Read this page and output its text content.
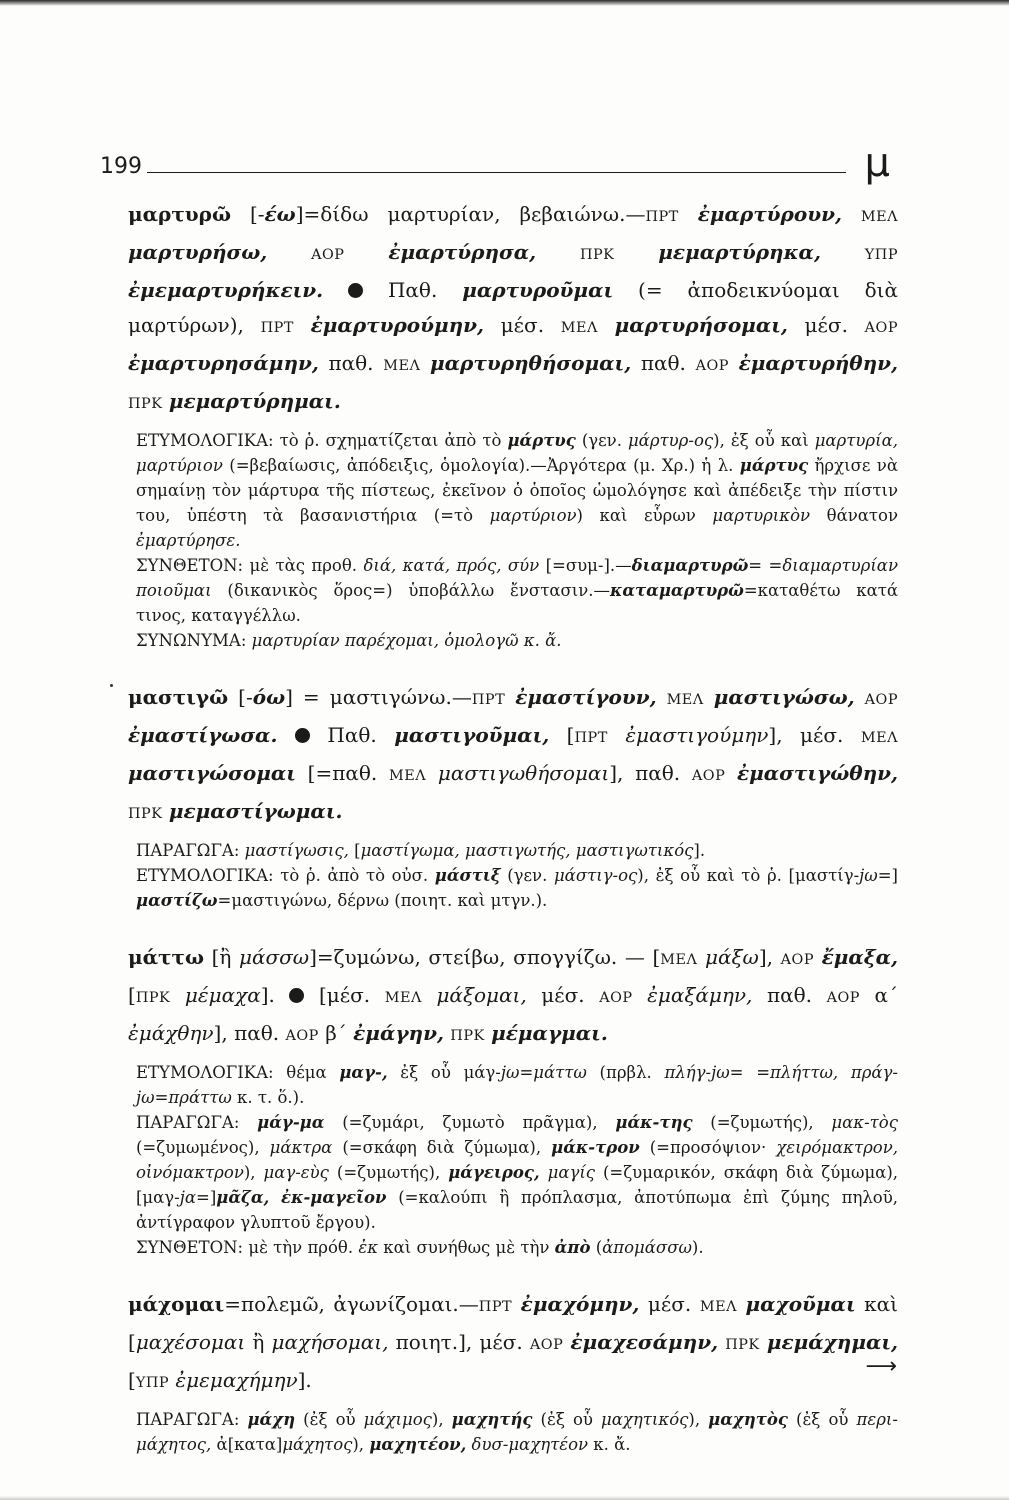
199	μ

μαρτυρῶ [-έω]=δίδω μαρτυρίαν, βεβαιώνω.—ΠΡΤ ἐμαρτύρουν, ΜΕΛ μαρτυρήσω,	ΑΟΡ ἐμαρτύρησα,	ΠΡΚ μεμαρτύρηκα,	ΥΠΡ ἐμεμαρτυρήκειν.  Παθ. μαρτυροῦμαι (= ἀποδεικνύομαι διὰ μαρτύρων), ΠΡΤ ἐμαρτυρούμην, μέσ. ΜΕΛ μαρτυρήσομαι, μέσ. ΑΟΡ ἐμαρτυρησάμην, παθ. ΜΕΛ μαρτυρηθήσομαι, παθ. ΑΟΡ ἐμαρτυρήθην, ΠΡΚ μεμαρτύρημαι.

ΕΤΥΜΟΛΟΓΙΚΑ: τὸ ῥ. σχηματίζεται ἀπὸ τὸ μάρτυς (γεν. μάρτυρ-ος), ἐξ οὗ καὶ μαρτυρία, μαρτύριον (=βεβαίωσις, ἀπόδειξις, ὁμολογία).—Ἀργότερα (μ. Χρ.) ἡ λ. μάρτυς ἤρχισε νὰ σημαίνῃ τὸν μάρτυρα τῆς πίστεως, ἐκεῖνον ὁ ὁποῖος ὡμολόγησε καὶ ἀπέδειξε τὴν πίστιν του, ὑπέστη τὰ βασανιστήρια (=τὸ μαρτύριον) καὶ εὗρων μαρτυρικὸν θάνατον ἐμαρτύρησε.

ΣΥΝΘΕΤΟΝ: μὲ τὰς προθ. διά, κατά, πρός, σύν [=συμ-].—διαμαρτυρῶ= =διαμαρτυρίαν ποιοῦμαι (δικανικὸς ὅρος=) ὑποβάλλω ἔνστασιν.—καταμαρτυρῶ=καταθέτω κατά τινος, καταγγέλλω.

ΣΥΝΩΝΥΜΑ: μαρτυρίαν παρέχομαι, ὁμολογῶ κ. ἄ.

μαστιγῶ [-όω] = μαστιγώνω.—ΠΡΤ ἐμαστίγουν, ΜΕΛ μαστιγώσω, ΑΟΡ ἐμαστίγωσα.  Παθ. μαστιγοῦμαι, [ΠΡΤ ἐμαστιγούμην], μέσ. ΜΕΛ μαστιγώσομαι [=παθ. ΜΕΛ μαστιγωθήσομαι], παθ. ΑΟΡ ἐμαστιγώθην, ΠΡΚ μεμαστίγωμαι.

ΠΑΡΑΓΩΓΑ: μαστίγωσις, [μαστίγωμα, μαστιγωτής, μαστιγωτικός].

ΕΤΥΜΟΛΟΓΙΚΑ: τὸ ῥ. ἀπὸ τὸ οὐσ. μάστιξ (γεν. μάστιγ-ος), ἐξ οὗ καὶ τὸ ῥ. [μαστίγ-jω=] μαστίζω=μαστιγώνω, δέρνω (ποιητ. καὶ μτγν.).

μάττω [ἢ μάσσω]=ζυμώνω, στείβω, σπογγίζω. — [ΜΕΛ μάξω], ΑΟΡ ἔμαξα, [ΠΡΚ μέμαχα].  [μέσ. ΜΕΛ μάξομαι, μέσ. ΑΟΡ ἐμαξάμην, παθ. ΑΟΡ α΄ ἐμάχθην], παθ. ΑΟΡ β΄ ἐμάγην, ΠΡΚ μέμαγμαι.

ΕΤΥΜΟΛΟΓΙΚΑ: θέμα μαγ-, ἐξ οὗ μάγ-jω=μάττω (πρβλ. πλήγ-jω= =πλήττω, πράγ-jω=πράττω κ. τ. ὅ.).

ΠΑΡΑΓΩΓΑ: μάγ-μα (=ζυμάρι, ζυμωτὸ πρᾶγμα), μάκ-της (=ζυμωτής), μακ-τὸς (=ζυμωμένος), μάκτρα (=σκάφη διὰ ζύμωμα), μάκ-τρον (=προσόψιον· χειρόμακτρον, οἰνόμακτρον), μαγ-εὺς (=ζυμωτής), μάγειρος, μαγίς (=ζυμαρικόν, σκάφη διὰ ζύμωμα), [μαγ-jα=]μᾶζα, ἐκ-μαγεῖον (=καλούπι ἢ πρόπλασμα, ἀποτύπωμα ἐπὶ ζύμης πηλοῦ, ἀντίγραφον γλυπτοῦ ἔργου).

ΣΥΝΘΕΤΟΝ: μὲ τὴν πρόθ. ἐκ καὶ συνήθως μὲ τὴν ἀπὸ (ἀπομάσσω).

μάχομαι=πολεμῶ, ἀγωνίζομαι.—ΠΡΤ ἐμαχόμην, μέσ. ΜΕΛ μαχοῦμαι καὶ [μαχέσομαι ἢ μαχήσομαι, ποιητ.], μέσ. ΑΟΡ ἐμαχεσάμην, ΠΡΚ μεμάχημαι, [ΥΠΡ ἐμεμαχήμην].

ΠΑΡΑΓΩΓΑ: μάχη (ἐξ οὗ μάχιμος), μαχητής (ἐξ οὗ μαχητικός), μαχητὸς (ἐξ οὗ περι-μάχητος, ἀ[κατα]μάχητος), μαχητέον, δυσ-μαχητέον κ. ἄ.

⟶
